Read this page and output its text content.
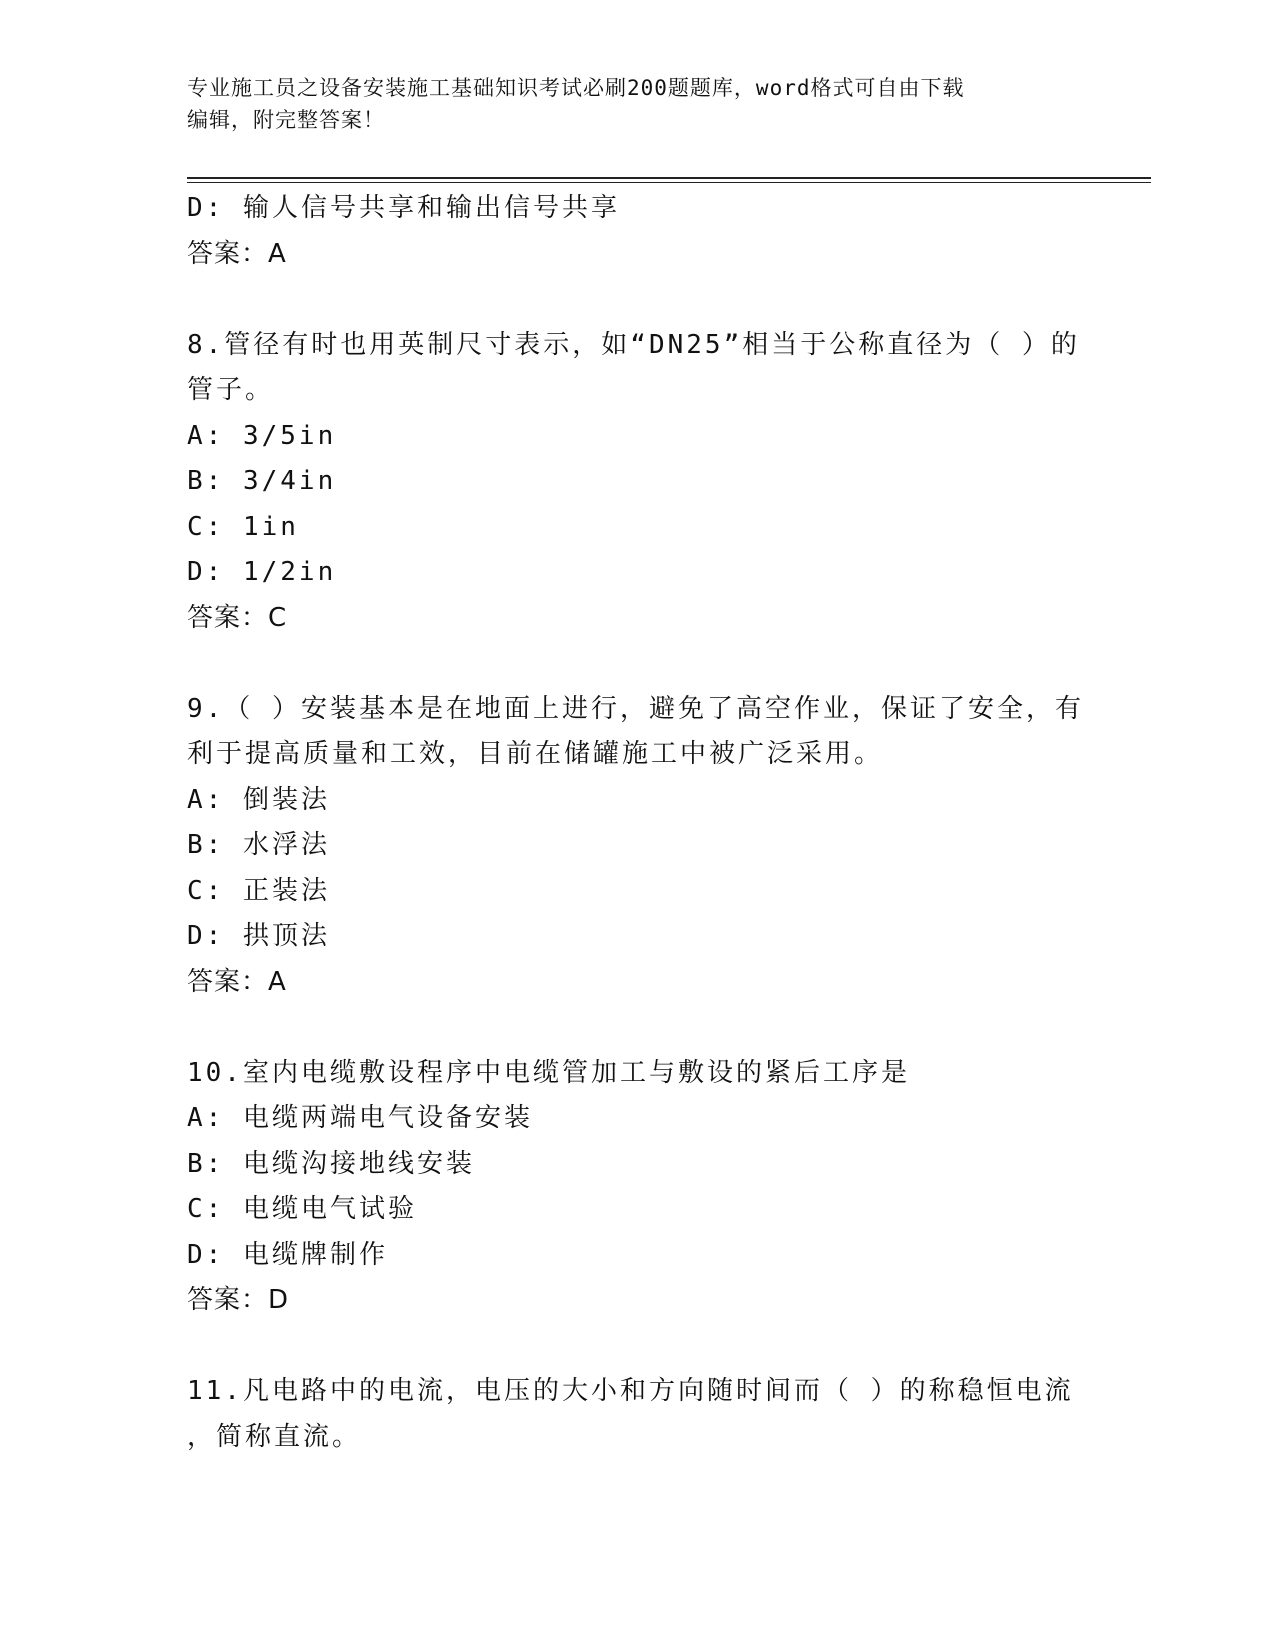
专业施工员之设备安装施工基础知识考试必刷200题题库，word格式可自由下载
编辑，附完整答案！
D: 输人信号共享和输出信号共享
答案：A
8.管径有时也用英制尺寸表示，如“DN25”相当于公称直径为（ ）的
管子。
A: 3/5in
B: 3/4in
C: 1in
D: 1/2in
答案：C
9.（ ）安装基本是在地面上进行，避免了高空作业，保证了安全，有
利于提高质量和工效，目前在储罐施工中被广泛采用。
A: 倒装法
B: 水浮法
C: 正装法
D: 拱顶法
答案：A
10.室内电缆敷设程序中电缆管加工与敷设的紧后工序是
A: 电缆两端电气设备安装
B: 电缆沟接地线安装
C: 电缆电气试验
D: 电缆牌制作
答案：D
11.凡电路中的电流，电压的大小和方向随时间而（ ）的称稳恒电流
，简称直流。
